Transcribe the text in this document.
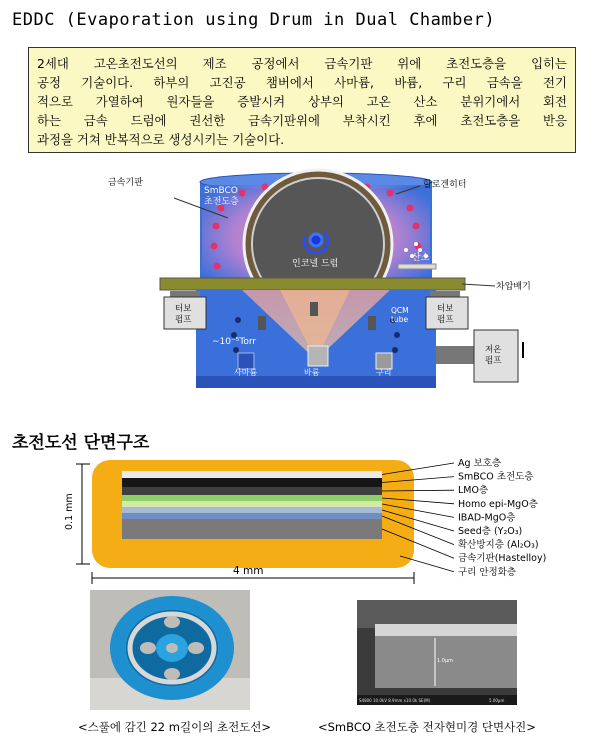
EDDC (Evaporation using Drum in Dual Chamber)
2세대 고온초전도선의 제조 공정에서 금속기판 위에 초전도층을 입히는
공정 기술이다. 하부의 고진공 챔버에서 사마륨, 바륨, 구리 금속을 전기
적으로 가열하여 원자들을 증발시켜 상부의 고온 산소 분위기에서 회전
하는 금속 드럼에 권선한 금속기판위에 부착시킨 후에 초전도층을 반응
과정을 거쳐 반복적으로 생성시키는 기술이다.
금속기판
SmBCO
초전도층
할로겐히터
인코넬 드럼
산소
차압배기
터보
펌프
터보
펌프
QCM
tube
~10⁻⁵Torr
저온
펌프
사마륨	바륨	구리
초전도선 단면구조
0.1 mm
4 mm
Ag 보호층
SmBCO 초전도층
LMO층
Homo epi-MgO층
IBAD-MgO층
Seed층 (Y₂O₃)
확산방지층 (Al₂O₃)
금속기판(Hastelloy)
구리 안정화층
1.0μm
S4800 10.0kV 8.9mm x10.0k SE(M)	5.00μm
<스풀에 감긴 22 m길이의 초전도선>	<SmBCO 초전도층 전자현미경 단면사진>
